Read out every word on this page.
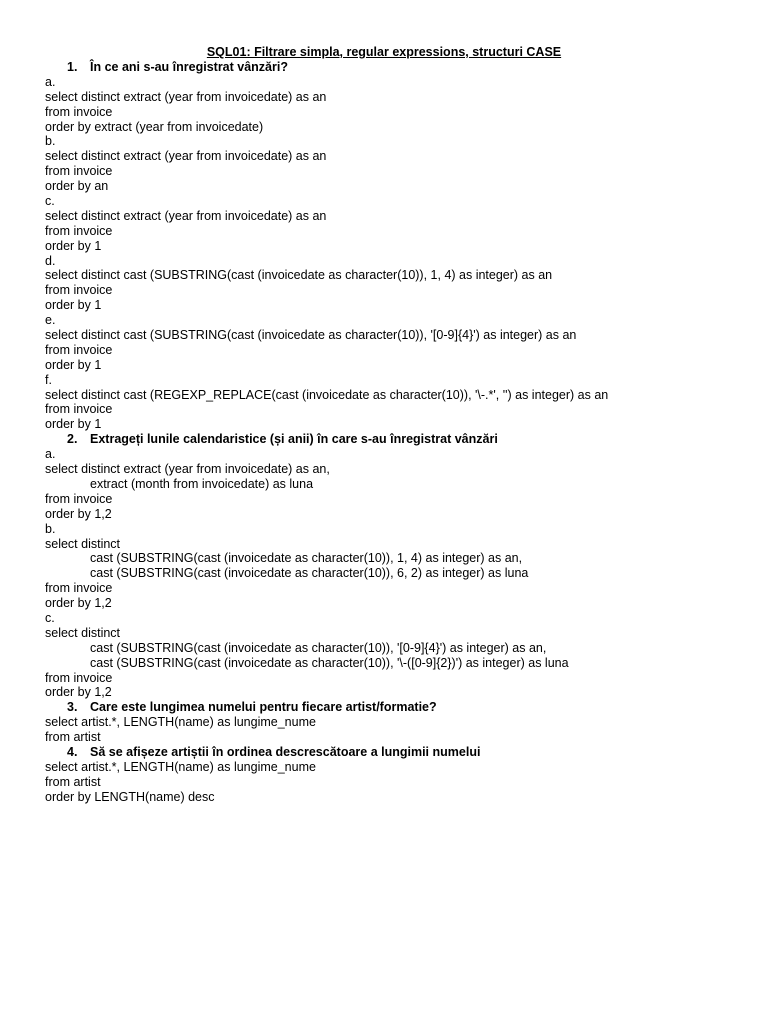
SQL01: Filtrare simpla, regular expressions, structuri CASE
1. În ce ani s-au înregistrat vânzări?
a.
select distinct extract (year from invoicedate) as an
from invoice
order by extract (year from invoicedate)
b.
select distinct extract (year from invoicedate) as an
from invoice
order by an
c.
select distinct extract (year from invoicedate) as an
from invoice
order by 1
d.
select distinct cast (SUBSTRING(cast (invoicedate as character(10)), 1, 4) as integer) as an
from invoice
order by 1
e.
select distinct cast (SUBSTRING(cast (invoicedate as character(10)), '[0-9]{4}') as integer) as an
from invoice
order by 1
f.
select distinct cast (REGEXP_REPLACE(cast (invoicedate as character(10)), '\-.*', '') as integer) as an
from invoice
order by 1
2. Extrageți lunile calendaristice (și anii) în care s-au înregistrat vânzări
a.
select distinct extract (year from invoicedate) as an,
extract (month from invoicedate) as luna
from invoice
order by 1,2
b.
select distinct
cast (SUBSTRING(cast (invoicedate as character(10)), 1, 4) as integer) as an,
cast (SUBSTRING(cast (invoicedate as character(10)), 6, 2) as integer) as luna
from invoice
order by 1,2
c.
select distinct
cast (SUBSTRING(cast (invoicedate as character(10)), '[0-9]{4}') as integer) as an,
cast (SUBSTRING(cast (invoicedate as character(10)), '\-([0-9]{2})') as integer) as luna
from invoice
order by 1,2
3. Care este lungimea numelui pentru fiecare artist/formatie?
select artist.*, LENGTH(name) as lungime_nume
from artist
4. Să se afișeze artiștii în ordinea descrescătoare a lungimii numelui
select artist.*, LENGTH(name) as lungime_nume
from artist
order by LENGTH(name) desc
